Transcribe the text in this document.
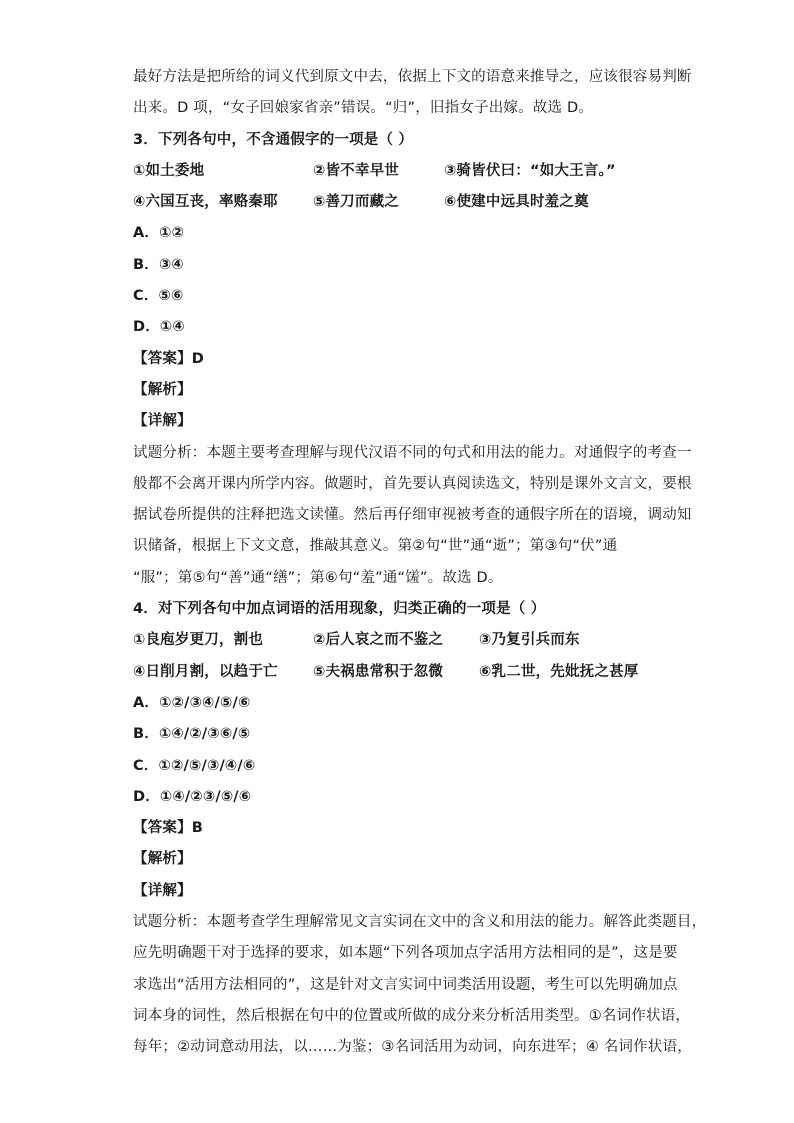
最好方法是把所给的词义代到原文中去，依据上下文的语意来推导之，应该很容易判断
出来。D 项，“女子回娘家省亲”错误。“归”，旧指女子出嫁。故选 D。
3．下列各句中，不含通假字的一项是（ ）
①如土委地	②皆不幸早世	③骑皆伏曰：“如大王言。”
④六国互丧，率赂秦耶 ⑤善刀而藏之	⑥使建中远具时羞之奠
A．①②
B．③④
C．⑤⑥
D．①④
【答案】D
【解析】
【详解】
试题分析：本题主要考查理解与现代汉语不同的句式和用法的能力。对通假字的考查一
般都不会离开课内所学内容。做题时，首先要认真阅读选文，特别是课外文言文，要根
据试卷所提供的注释把选文读懂。然后再仔细审视被考查的通假字所在的语境，调动知
识储备，根据上下文文意，推敲其意义。第②句“世”通“逝”；第③句“伏”通
“服”；第⑤句“善”通“缮”；第⑥句“羞”通“馐”。故选 D。
4．对下列各句中加点词语的活用现象，归类正确的一项是（ ）
①良庖岁更刀，割也	②后人哀之而不鉴之 ③乃复引兵而东
④日削月割，以趋于亡 ⑤夫祸患常积于忽微 ⑥乳二世，先妣抚之甚厚
A．①②/③④/⑤/⑥
B．①④/②/③⑥/⑤
C．①②/⑤/③/④/⑥
D．①④/②③/⑤/⑥
【答案】B
【解析】
【详解】
试题分析：本题考查学生理解常见文言实词在文中的含义和用法的能力。解答此类题目，
应先明确题干对于选择的要求，如本题“下列各项加点字活用方法相同的是”，这是要
求选出“活用方法相同的”，这是针对文言实词中词类活用设题，考生可以先明确加点
词本身的词性，然后根据在句中的位置或所做的成分来分析活用类型。①名词作状语，
每年；②动词意动用法，以……为鉴；③名词活用为动词，向东进军；④ 名词作状语，
